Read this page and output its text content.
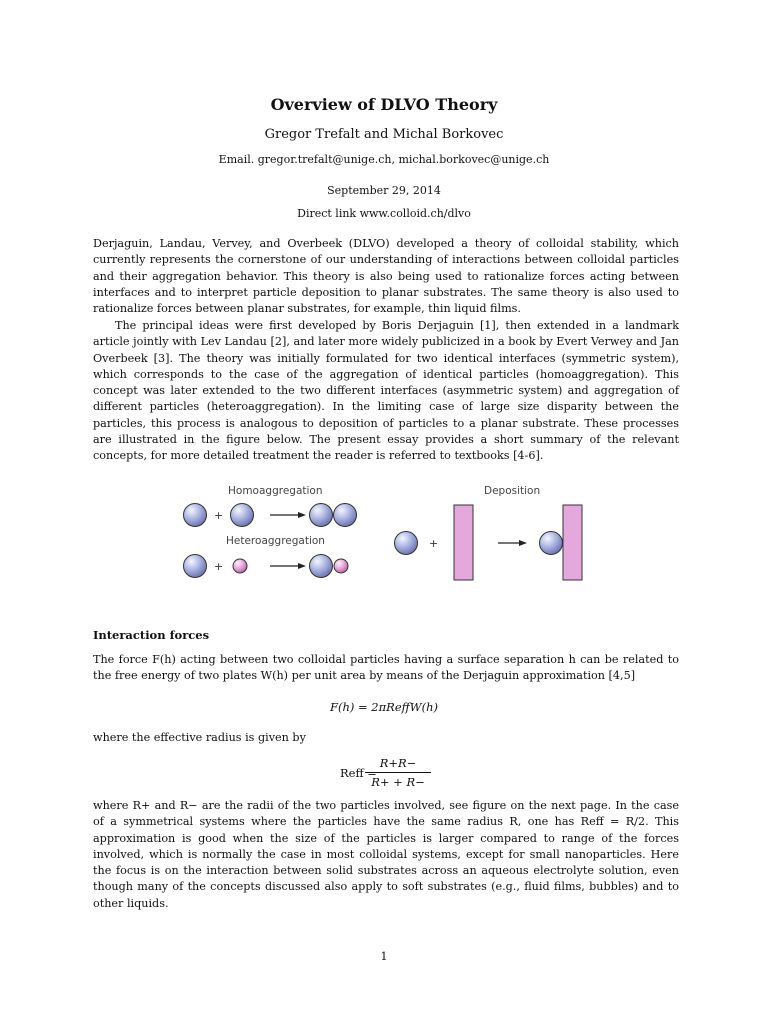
Overview of DLVO Theory
Gregor Trefalt and Michal Borkovec
Email. gregor.trefalt@unige.ch, michal.borkovec@unige.ch
September 29, 2014
Direct link www.colloid.ch/dlvo

Derjaguin, Landau, Vervey, and Overbeek (DLVO) developed a theory of colloidal stability, which currently represents the cornerstone of our understanding of interactions between colloidal particles and their aggregation behavior. This theory is also being used to rationalize forces acting between interfaces and to interpret particle deposition to planar substrates. The same theory is also used to rationalize forces between planar substrates, for example, thin liquid films.

The principal ideas were first developed by Boris Derjaguin [1], then extended in a landmark article jointly with Lev Landau [2], and later more widely publicized in a book by Evert Verwey and Jan Overbeek [3]. The theory was initially formulated for two identical interfaces (symmetric system), which corresponds to the case of the aggregation of identical particles (homoaggregation). This concept was later extended to the two different interfaces (asymmetric system) and aggregation of different particles (heteroaggregation). In the limiting case of large size disparity between the particles, this process is analogous to deposition of particles to a planar substrate. These processes are illustrated in the figure below. The present essay provides a short summary of the relevant concepts, for more detailed treatment the reader is referred to textbooks [4-6].

Homoaggregation
Heteroaggregation
Deposition
+
+
+
Interaction forces

The force F(h) acting between two colloidal particles having a surface separation h can be related to the free energy of two plates W(h) per unit area by means of the Derjaguin approximation [4,5]

F(h) = 2πReffW(h)

where the effective radius is given by

Reff =
$\frac{R+R-}{R+ + R-}$

where R+ and R− are the radii of the two particles involved, see figure on the next page. In the case of a symmetrical systems where the particles have the same radius R, one has Reff = R/2. This approximation is good when the size of the particles is larger compared to range of the forces involved, which is normally the case in most colloidal systems, except for small nanoparticles. Here the focus is on the interaction between solid substrates across an aqueous electrolyte solution, even though many of the concepts discussed also apply to soft substrates (e.g., fluid films, bubbles) and to other liquids.

1
